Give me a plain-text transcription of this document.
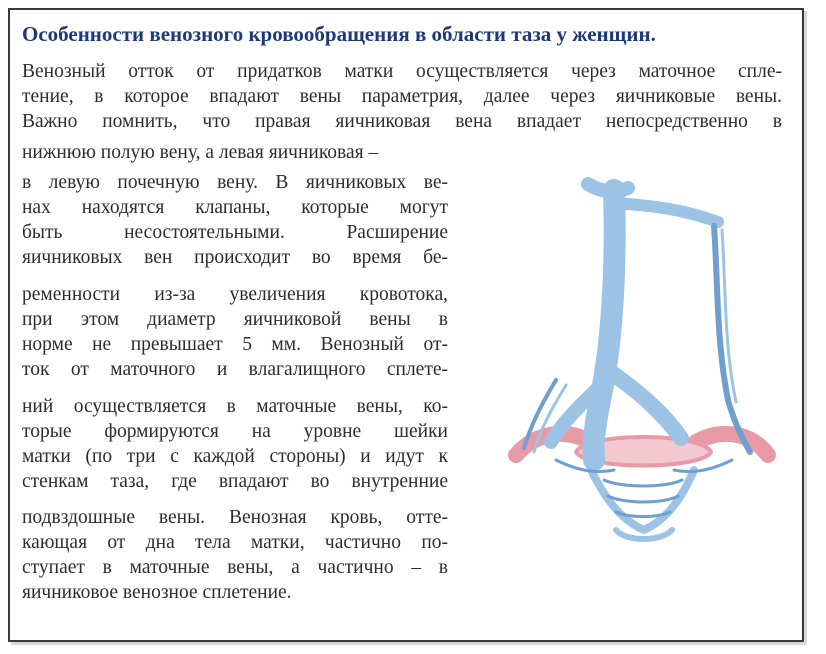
Особенности венозного кровообращения в области таза у женщин.

Венозный отток от придатков матки осуществляется через маточное спле-

тение, в которое впадают вены параметрия, далее через яичниковые вены.

Важно помнить, что правая яичниковая вена впадает непосредственно в

нижнюю полую вену, а левая яичниковая –

в левую почечную вену. В яичниковых ве-

нах находятся клапаны, которые могут

быть несостоятельными. Расширение

яичниковых вен происходит во время бе-

ременности из-за увеличения кровотока,

при этом диаметр яичниковой вены в

норме не превышает 5 мм. Венозный от-

ток от маточного и влагалищного сплете-

ний осуществляется в маточные вены, ко-

торые формируются на уровне шейки

матки (по три с каждой стороны) и идут к

стенкам таза, где впадают во внутренние

подвздошные вены. Венозная кровь, отте-

кающая от дна тела матки, частично по-

ступает в маточные вены, а частично – в

яичниковое венозное сплетение.
